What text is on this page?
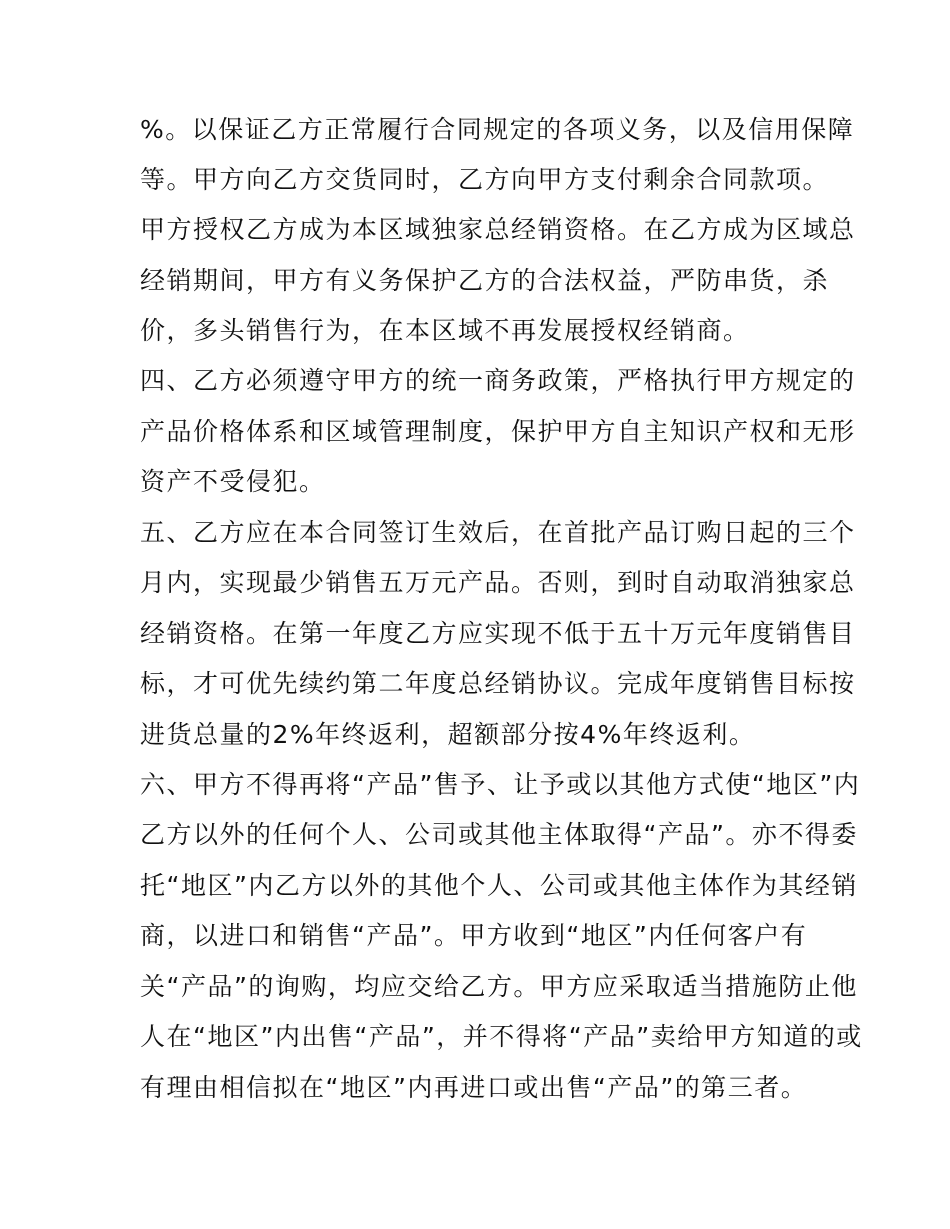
%。以保证乙方正常履行合同规定的各项义务，以及信用保障
等。甲方向乙方交货同时，乙方向甲方支付剩余合同款项。
甲方授权乙方成为本区域独家总经销资格。在乙方成为区域总
经销期间，甲方有义务保护乙方的合法权益，严防串货，杀
价，多头销售行为，在本区域不再发展授权经销商。
四、乙方必须遵守甲方的统一商务政策，严格执行甲方规定的
产品价格体系和区域管理制度，保护甲方自主知识产权和无形
资产不受侵犯。
五、乙方应在本合同签订生效后，在首批产品订购日起的三个
月内，实现最少销售五万元产品。否则，到时自动取消独家总
经销资格。在第一年度乙方应实现不低于五十万元年度销售目
标，才可优先续约第二年度总经销协议。完成年度销售目标按
进货总量的2%年终返利，超额部分按4%年终返利。
六、甲方不得再将“产品”售予、让予或以其他方式使“地区”内
乙方以外的任何个人、公司或其他主体取得“产品”。亦不得委
托“地区”内乙方以外的其他个人、公司或其他主体作为其经销
商，以进口和销售“产品”。甲方收到“地区”内任何客户有
关“产品”的询购，均应交给乙方。甲方应采取适当措施防止他
人在“地区”内出售“产品”，并不得将“产品”卖给甲方知道的或
有理由相信拟在“地区”内再进口或出售“产品”的第三者。
